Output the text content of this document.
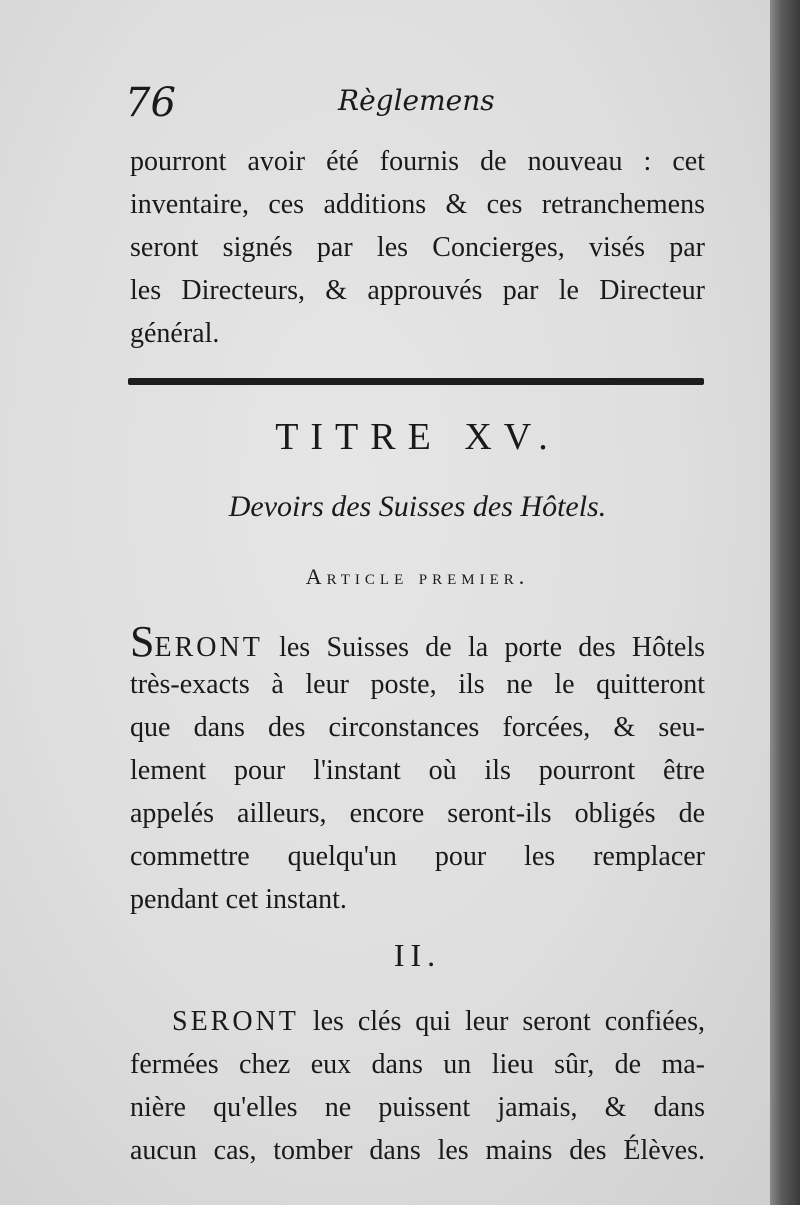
76	Règlemens
pourront avoir été fournis de nouveau : cet
inventaire, ces additions & ces retranchemens
seront signés par les Concierges, visés par
les Directeurs, & approuvés par le Directeur
général.
TITRE XV.
Devoirs des Suisses des Hôtels.
Article premier.
SERONT les Suisses de la porte des Hôtels
très-exacts à leur poste, ils ne le quitteront
que dans des circonstances forcées, & seu-
lement pour l'instant où ils pourront être
appelés ailleurs, encore seront-ils obligés de
commettre quelqu'un pour les remplacer
pendant cet instant.
II.
SERONT les clés qui leur seront confiées,
fermées chez eux dans un lieu sûr, de ma-
nière qu'elles ne puissent jamais, & dans
aucun cas, tomber dans les mains des Élèves.
